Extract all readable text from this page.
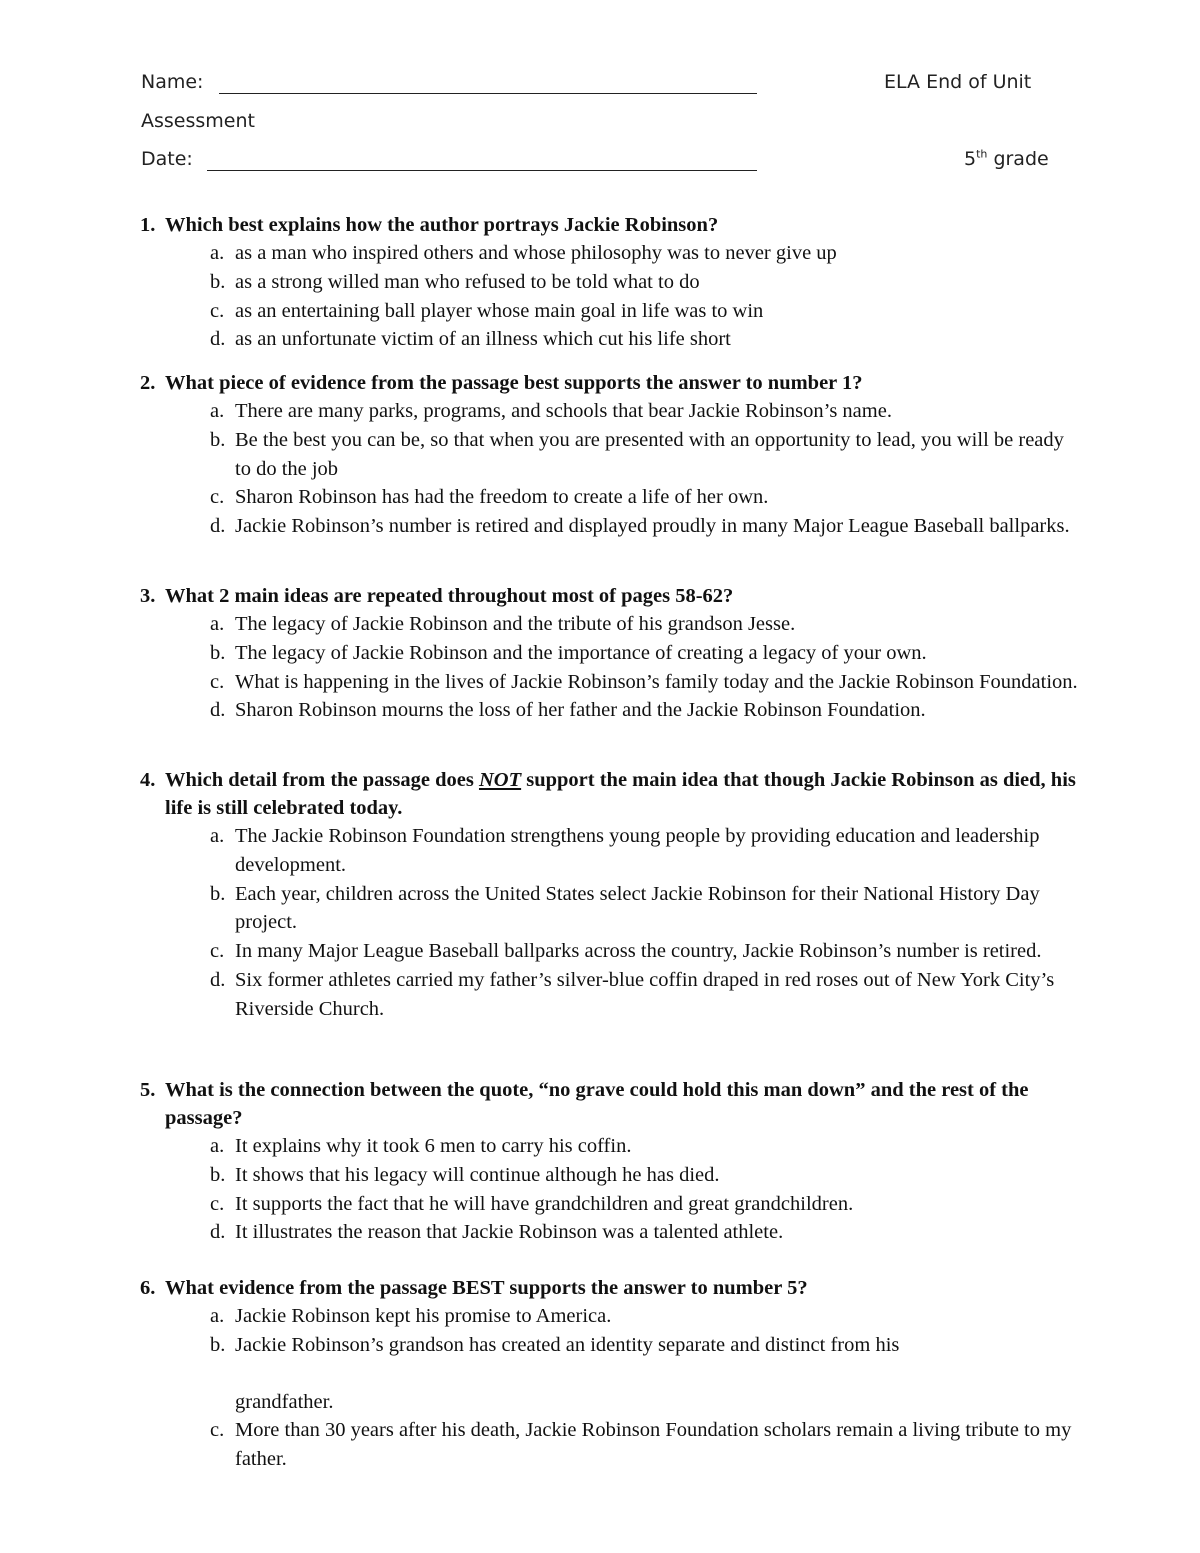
Name:	ELA End of Unit
Assessment
Date:	5th grade
1. Which best explains how the author portrays Jackie Robinson?
a. as a man who inspired others and whose philosophy was to never give up
b. as a strong willed man who refused to be told what to do
c. as an entertaining ball player whose main goal in life was to win
d. as an unfortunate victim of an illness which cut his life short
2. What piece of evidence from the passage best supports the answer to number 1?
a. There are many parks, programs, and schools that bear Jackie Robinson’s name.
b. Be the best you can be, so that when you are presented with an opportunity to lead, you will be ready to do the job
c. Sharon Robinson has had the freedom to create a life of her own.
d. Jackie Robinson’s number is retired and displayed proudly in many Major League Baseball ballparks.
3. What 2 main ideas are repeated throughout most of pages 58-62?
a. The legacy of Jackie Robinson and the tribute of his grandson Jesse.
b. The legacy of Jackie Robinson and the importance of creating a legacy of your own.
c. What is happening in the lives of Jackie Robinson’s family today and the Jackie Robinson Foundation.
d. Sharon Robinson mourns the loss of her father and the Jackie Robinson Foundation.
4. Which detail from the passage does NOT support the main idea that though Jackie Robinson as died, his life is still celebrated today.
a. The Jackie Robinson Foundation strengthens young people by providing education and leadership development.
b. Each year, children across the United States select Jackie Robinson for their National History Day project.
c. In many Major League Baseball ballparks across the country, Jackie Robinson’s number is retired.
d. Six former athletes carried my father’s silver-blue coffin draped in red roses out of New York City’s Riverside Church.
5. What is the connection between the quote, “no grave could hold this man down” and the rest of the passage?
a. It explains why it took 6 men to carry his coffin.
b. It shows that his legacy will continue although he has died.
c. It supports the fact that he will have grandchildren and great grandchildren.
d. It illustrates the reason that Jackie Robinson was a talented athlete.
6. What evidence from the passage BEST supports the answer to number 5?
a. Jackie Robinson kept his promise to America.
b. Jackie Robinson’s grandson has created an identity separate and distinct from his
grandfather.
c. More than 30 years after his death, Jackie Robinson Foundation scholars remain a living tribute to my father.
